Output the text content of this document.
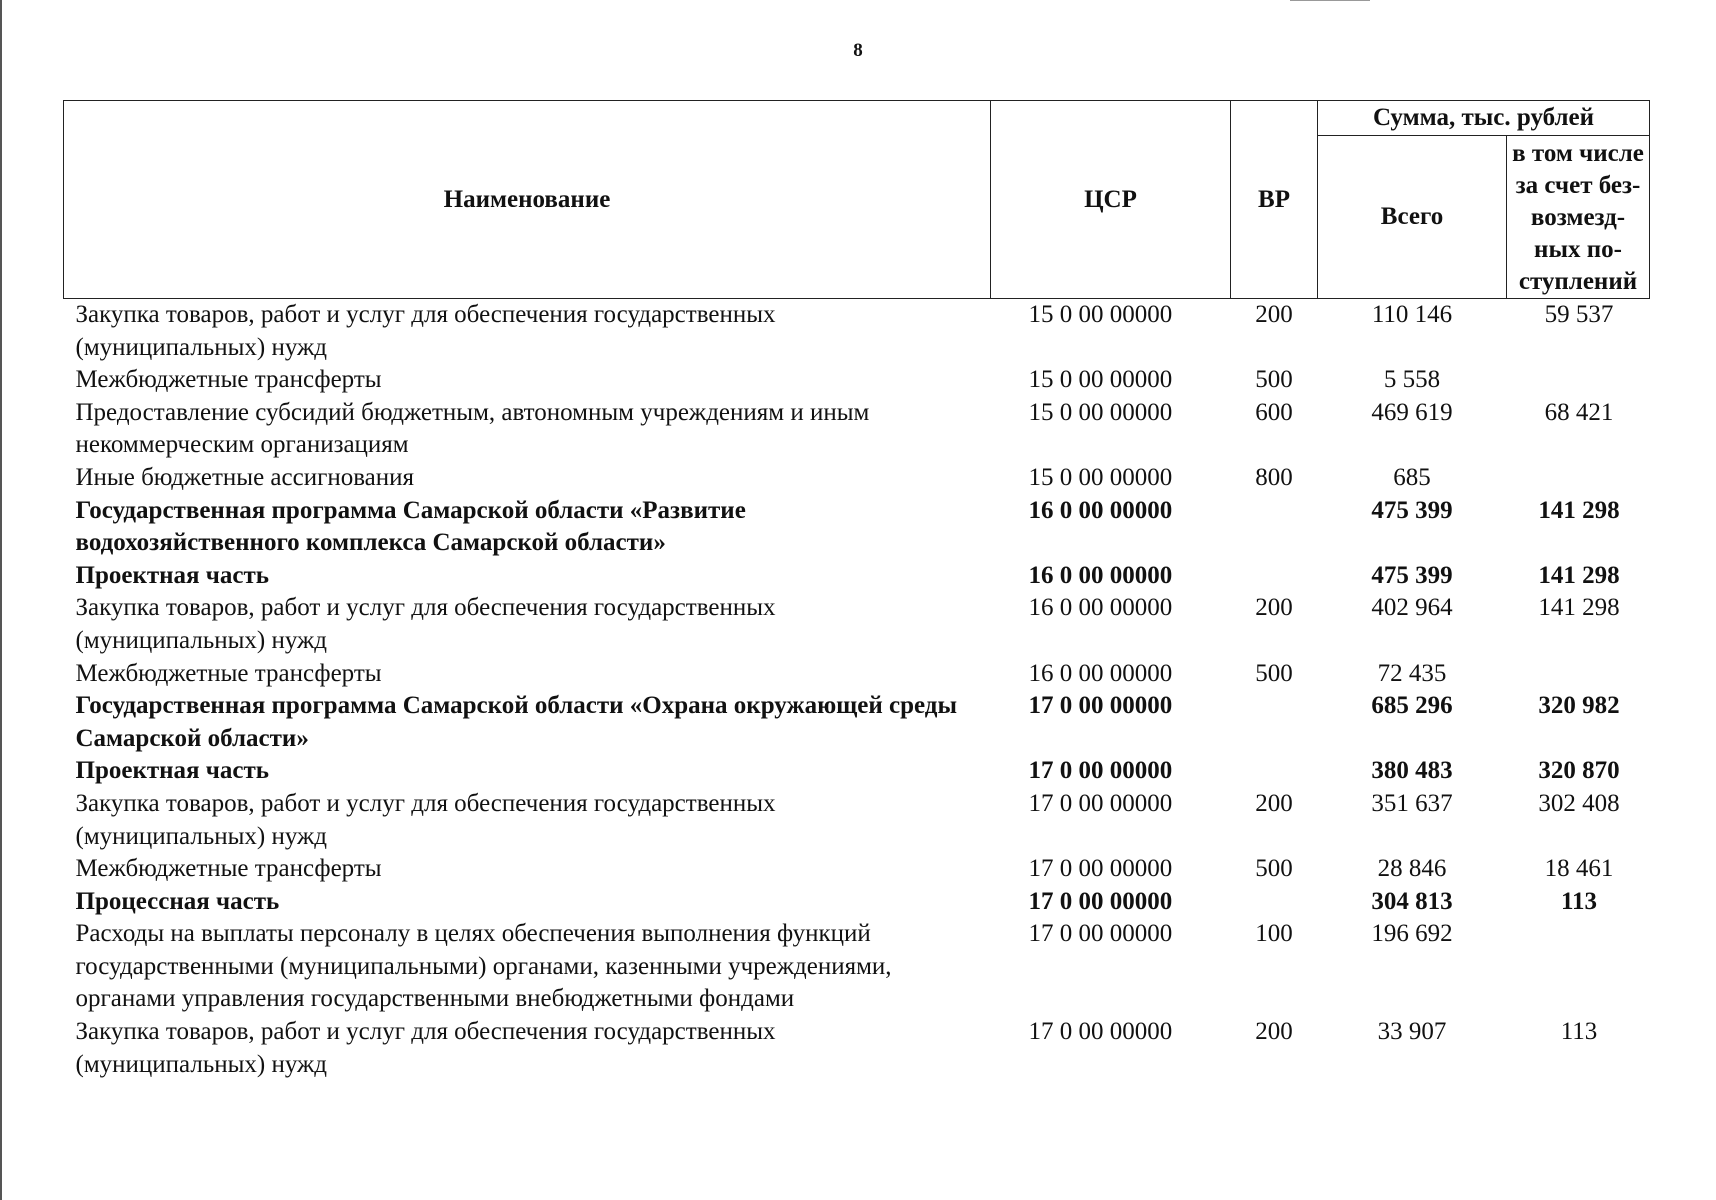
8
Наименование	ЦСР	ВР	Сумма, тыс. рублей	
			Всего	в том числе
за счет без-
возмезд-
ных по-
ступлений

Закупка товаров, работ и услуг для обеспечения государственных (муниципальных) нужд	15 0 00 00000	200	110 146	59 537
Межбюджетные трансферты	15 0 00 00000	500	5 558	
Предоставление субсидий бюджетным, автономным учреждениям и иным некоммерческим организациям	15 0 00 00000	600	469 619	68 421
Иные бюджетные ассигнования	15 0 00 00000	800	685	
Государственная программа Самарской области «Развитие водохозяйственного комплекса Самарской области»	16 0 00 00000		475 399	141 298
Проектная часть	16 0 00 00000		475 399	141 298
Закупка товаров, работ и услуг для обеспечения государственных (муниципальных) нужд	16 0 00 00000	200	402 964	141 298
Межбюджетные трансферты	16 0 00 00000	500	72 435	
Государственная программа Самарской области «Охрана окружающей среды Самарской области»	17 0 00 00000		685 296	320 982
Проектная часть	17 0 00 00000		380 483	320 870
Закупка товаров, работ и услуг для обеспечения государственных (муниципальных) нужд	17 0 00 00000	200	351 637	302 408
Межбюджетные трансферты	17 0 00 00000	500	28 846	18 461
Процессная часть	17 0 00 00000		304 813	113
Расходы на выплаты персоналу в целях обеспечения выполнения функций государственными (муниципальными) органами, казенными учреждениями, органами управления государственными внебюджетными фондами	17 0 00 00000	100	196 692	
Закупка товаров, работ и услуг для обеспечения государственных (муниципальных) нужд	17 0 00 00000	200	33 907	113
